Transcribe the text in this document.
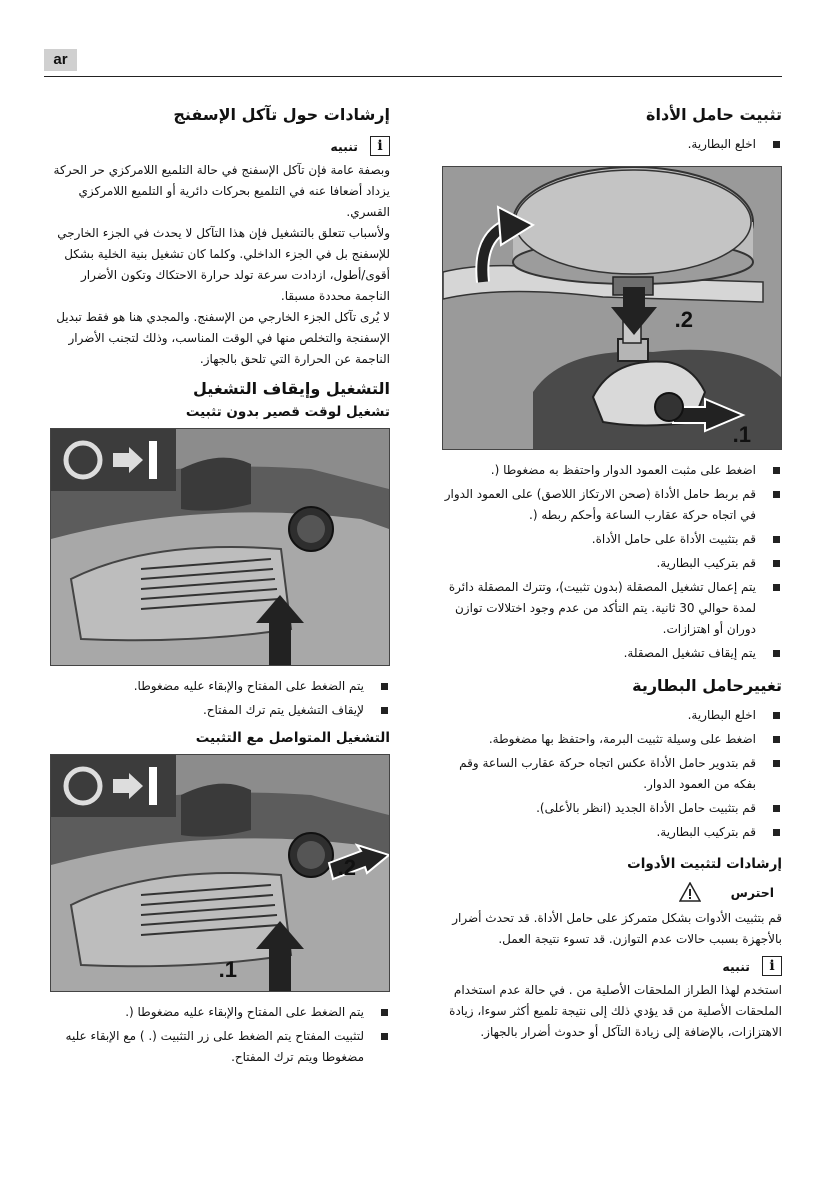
ar
تثبيت حامل الأداة
اخلع البطارية.
2.
1.
اضغط على مثبت العمود الدوار واحتفظ به مضغوطا (.
قم بربط حامل الأداة (صحن الارتكاز اللاصق) على العمود الدوار في اتجاه حركة عقارب الساعة وأحكم ربطه (.
قم بتثبيت الأداة على حامل الأداة.
قم بتركيب البطارية.
يتم إعمال تشغيل المصقلة (بدون تثبيت)، وتترك المصقلة دائرة لمدة حوالي 30 ثانية. يتم التأكد من عدم وجود اختلالات توازن دوران أو اهتزازات.
يتم إيقاف تشغيل المصقلة.
تغييرحامل البطارية
اخلع البطارية.
اضغط على وسيلة تثبيت البرمة، واحتفظ بها مضغوطة.
قم بتدوير حامل الأداة عكس اتجاه حركة عقارب الساعة وقم بفكه من العمود الدوار.
قم بتثبيت حامل الأداة الجديد (انظر بالأعلى).
قم بتركيب البطارية.
إرشادات لتثبيت الأدوات
احترس

قم بتثبيت الأدوات بشكل متمركز على حامل الأداة. قد تحدث أضرار بالأجهزة بسبب حالات عدم التوازن. قد تسوء نتيجة العمل.

i
تنبيه

استخدم لهذا الطراز الملحقات الأصلية من . في حالة عدم استخدام الملحقات الأصلية من قد يؤدي ذلك إلى نتيجة تلميع أكثر سوءا، زيادة الاهتزازات، بالإضافة إلى زيادة التآكل أو حدوث أضرار بالجهاز.

إرشادات حول تآكل الإسفنج
i
تنبيه

وبصفة عامة فإن تآكل الإسفنج في حالة التلميع اللامركزي حر الحركة يزداد أضعافا عنه في التلميع بحركات دائرية أو التلميع اللامركزي القسري.

ولأسباب تتعلق بالتشغيل فإن هذا التآكل لا يحدث في الجزء الخارجي للإسفنج بل في الجزء الداخلي. وكلما كان تشغيل بنية الخلية بشكل أقوى/أطول، ازدادت سرعة تولد حرارة الاحتكاك وتكون الأضرار الناجمة محددة مسبقا.

لا يُرى تآكل الجزء الخارجي من الإسفنج. والمجدي هنا هو فقط تبديل الإسفنجة والتخلص منها في الوقت المناسب، وذلك لتجنب الأضرار الناجمة عن الحرارة التي تلحق بالجهاز.

التشغيل وإيقاف التشغيل
تشغيل لوقت قصير بدون تثبيت
يتم الضغط على المفتاح والإبقاء عليه مضغوطا.
لإيقاف التشغيل يتم ترك المفتاح.
التشغيل المتواصل مع التثبيت
2.
1.
يتم الضغط على المفتاح والإبقاء عليه مضغوطا (.
لتثبيت المفتاح يتم الضغط على زر التثبيت (. ) مع الإبقاء عليه مضغوطا ويتم ترك المفتاح.
